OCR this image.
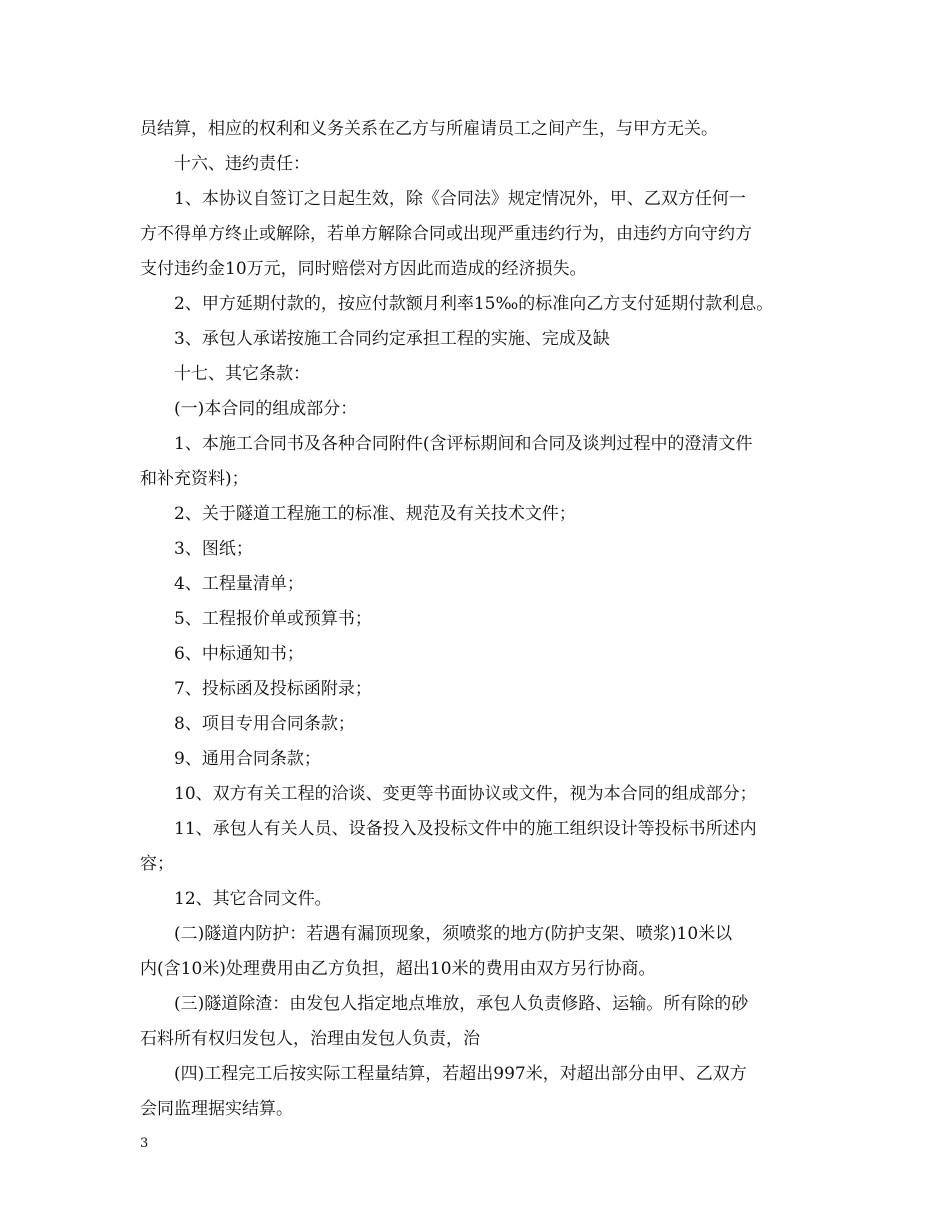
员结算，相应的权利和义务关系在乙方与所雇请员工之间产生，与甲方无关。
十六、违约责任：
1、本协议自签订之日起生效，除《合同法》规定情况外，甲、乙双方任何一
方不得单方终止或解除，若单方解除合同或出现严重违约行为，由违约方向守约方
支付违约金10万元，同时赔偿对方因此而造成的经济损失。
2、甲方延期付款的，按应付款额月利率15‰的标准向乙方支付延期付款利息。
3、承包人承诺按施工合同约定承担工程的实施、完成及缺
十七、其它条款：
(一)本合同的组成部分：
1、本施工合同书及各种合同附件(含评标期间和合同及谈判过程中的澄清文件
和补充资料)；
2、关于隧道工程施工的标准、规范及有关技术文件；
3、图纸；
4、工程量清单；
5、工程报价单或预算书；
6、中标通知书；
7、投标函及投标函附录；
8、项目专用合同条款；
9、通用合同条款；
10、双方有关工程的洽谈、变更等书面协议或文件，视为本合同的组成部分；
11、承包人有关人员、设备投入及投标文件中的施工组织设计等投标书所述内
容；
12、其它合同文件。
(二)隧道内防护：若遇有漏顶现象，须喷浆的地方(防护支架、喷浆)10米以
内(含10米)处理费用由乙方负担，超出10米的费用由双方另行协商。
(三)隧道除渣：由发包人指定地点堆放，承包人负责修路、运输。所有除的砂
石料所有权归发包人，治理由发包人负责，治
(四)工程完工后按实际工程量结算，若超出997米，对超出部分由甲、乙双方
会同监理据实结算。
3
